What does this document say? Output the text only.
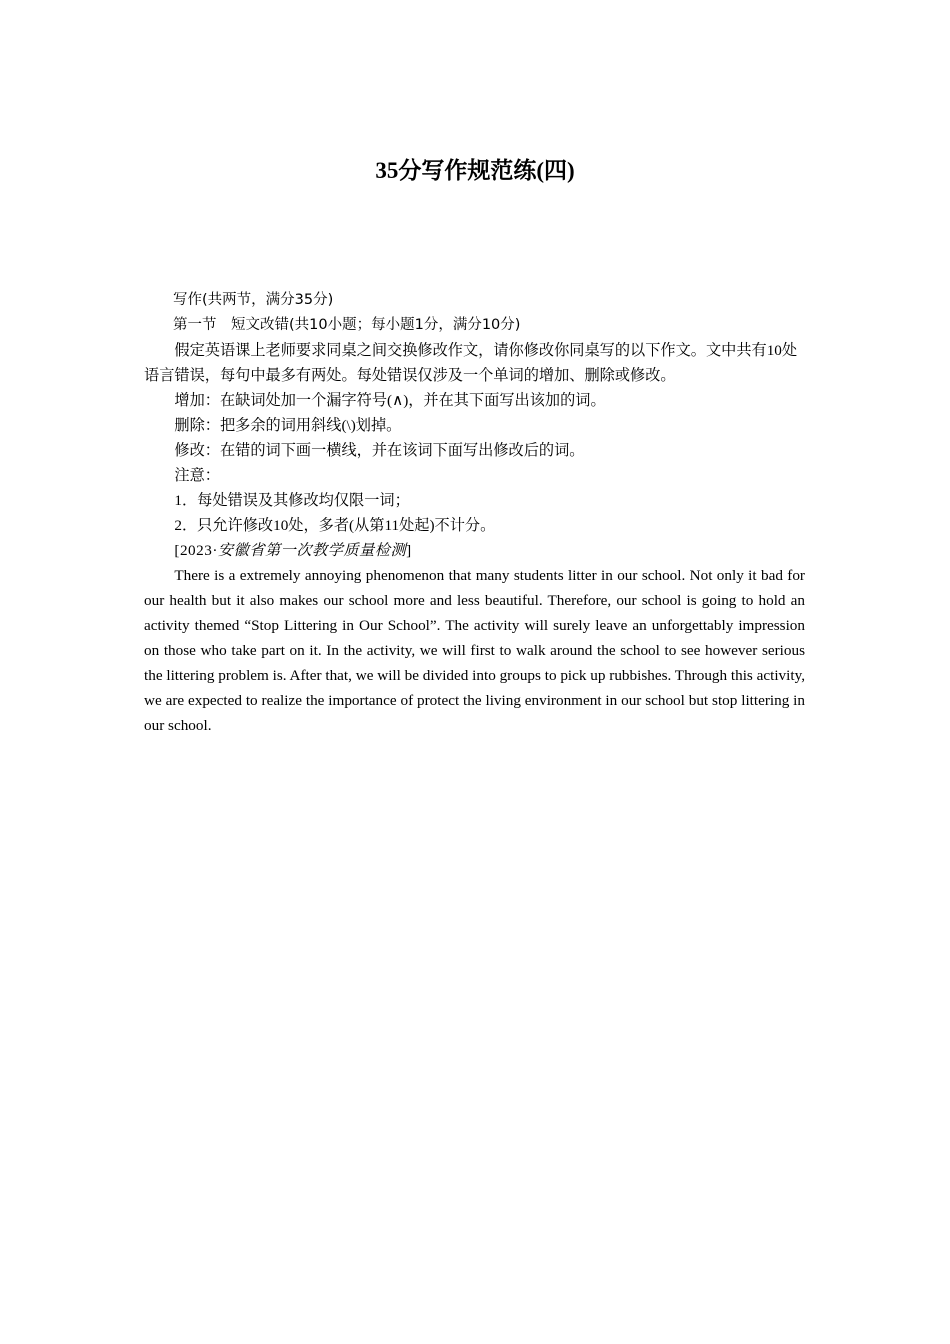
35分写作规范练(四)

写作(共两节，满分35分)

第一节 短文改错(共10小题；每小题1分，满分10分)

假定英语课上老师要求同桌之间交换修改作文，请你修改你同桌写的以下作文。文中共有10处语言错误，每句中最多有两处。每处错误仅涉及一个单词的增加、删除或修改。

增加：在缺词处加一个漏字符号(∧)，并在其下面写出该加的词。

删除：把多余的词用斜线(\)划掉。

修改：在错的词下画一横线，并在该词下面写出修改后的词。

注意：

1．每处错误及其修改均仅限一词；

2．只允许修改10处，多者(从第11处起)不计分。

[2023·安徽省第一次教学质量检测]

There is a extremely annoying phenomenon that many students litter in our school. Not only it bad for our health but it also makes our school more and less beautiful. Therefore, our school is going to hold an activity themed “Stop Littering in Our School”. The activity will surely leave an unforgettably impression on those who take part on it. In the activity, we will first to walk around the school to see however serious the littering problem is. After that, we will be divided into groups to pick up rubbishes. Through this activity, we are expected to realize the importance of protect the living environment in our school but stop littering in our school.
